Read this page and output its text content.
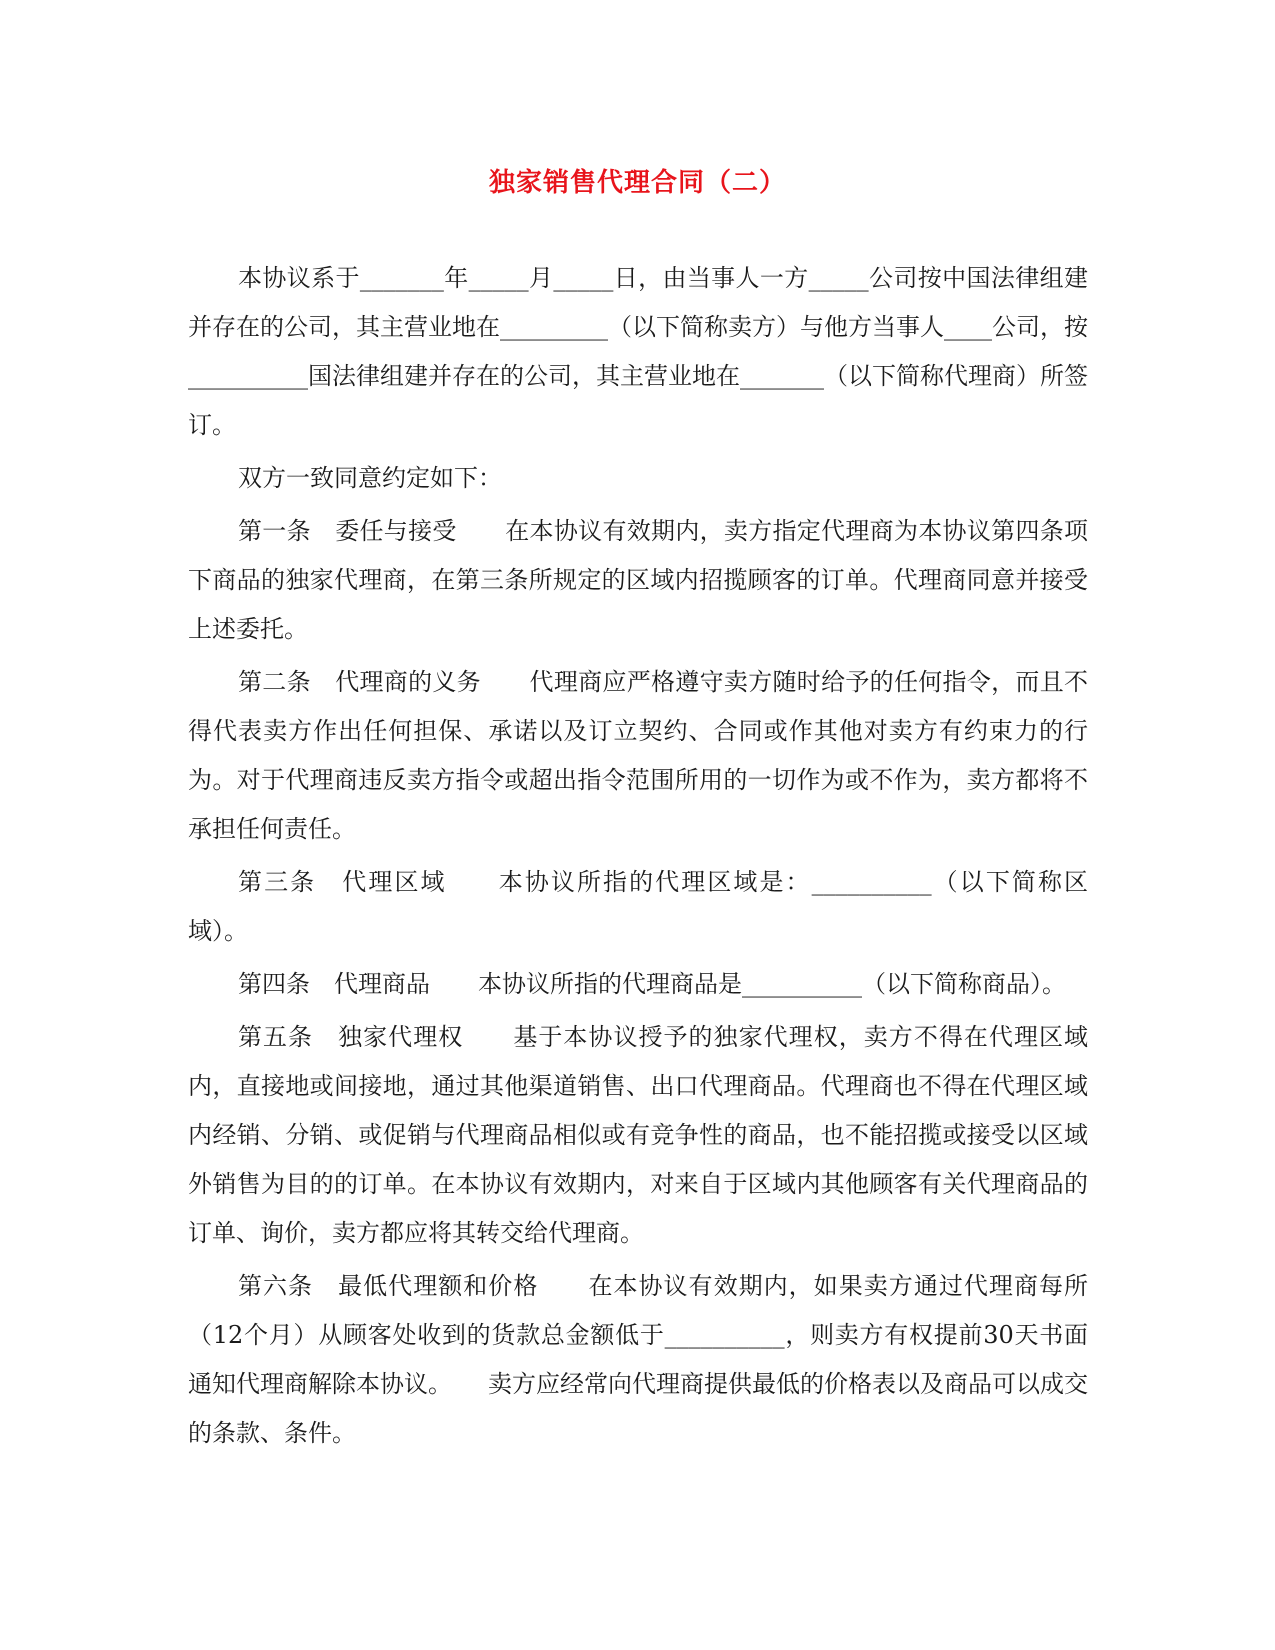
独家销售代理合同（二）

本协议系于_______年_____月_____日，由当事人一方_____公司按中国法律组建并存在的公司，其主营业地在_________（以下简称卖方）与他方当事人____公司，按__________国法律组建并存在的公司，其主营业地在_______（以下简称代理商）所签订。

双方一致同意约定如下：

第一条　 委任与接受　　 在本协议有效期内，卖方指定代理商为本协议第四条项下商品的独家代理商，在第三条所规定的区域内招揽顾客的订单。代理商同意并接受上述委托。

第二条　 代理商的义务　　 代理商应严格遵守卖方随时给予的任何指令，而且不得代表卖方作出任何担保、承诺以及订立契约、合同或作其他对卖方有约束力的行为。对于代理商违反卖方指令或超出指令范围所用的一切作为或不作为，卖方都将不承担任何责任。

第三条　 代理区域　　 本协议所指的代理区域是：__________（以下简称区域）。

第四条　 代理商品　　 本协议所指的代理商品是__________（以下简称商品）。

第五条　 独家代理权　　 基于本协议授予的独家代理权，卖方不得在代理区域内，直接地或间接地，通过其他渠道销售、出口代理商品。代理商也不得在代理区域内经销、分销、或促销与代理商品相似或有竞争性的商品，也不能招揽或接受以区域外销售为目的的订单。在本协议有效期内，对来自于区域内其他顾客有关代理商品的订单、询价，卖方都应将其转交给代理商。

第六条　 最低代理额和价格　　 在本协议有效期内，如果卖方通过代理商每所（12个月）从顾客处收到的货款总金额低于__________，则卖方有权提前30天书面通知代理商解除本协议。　　卖方应经常向代理商提供最低的价格表以及商品可以成交的条款、条件。
